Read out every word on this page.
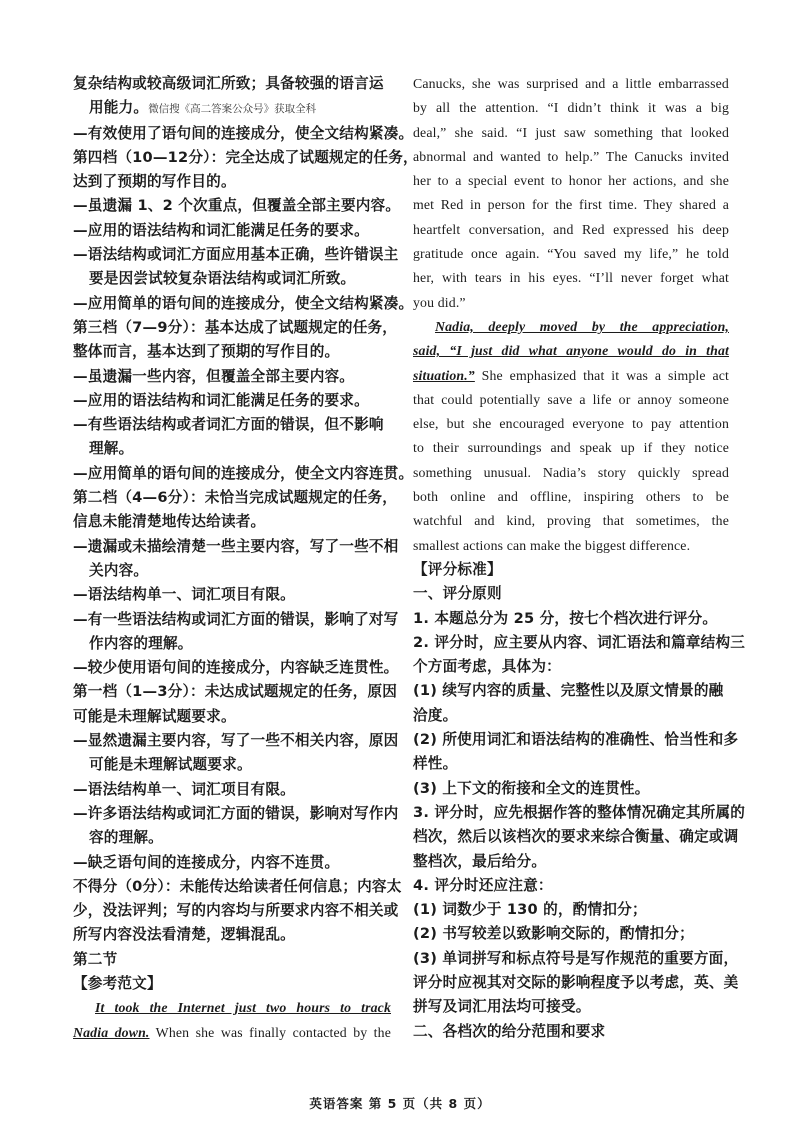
复杂结构或较高级词汇所致；具备较强的语言运
用能力。微信搜《高二答案公众号》获取全科
—有效使用了语句间的连接成分，使全文结构紧凑。
第四档（10—12分）：完全达成了试题规定的任务，
达到了预期的写作目的。
—虽遗漏 1、2 个次重点，但覆盖全部主要内容。
—应用的语法结构和词汇能满足任务的要求。
—语法结构或词汇方面应用基本正确，些许错误主
要是因尝试较复杂语法结构或词汇所致。
—应用简单的语句间的连接成分，使全文结构紧凑。
第三档（7—9分）：基本达成了试题规定的任务，
整体而言，基本达到了预期的写作目的。
—虽遗漏一些内容，但覆盖全部主要内容。
—应用的语法结构和词汇能满足任务的要求。
—有些语法结构或者词汇方面的错误，但不影响
理解。
—应用简单的语句间的连接成分，使全文内容连贯。
第二档（4—6分）：未恰当完成试题规定的任务，
信息未能清楚地传达给读者。
—遗漏或未描绘清楚一些主要内容，写了一些不相
关内容。
—语法结构单一、词汇项目有限。
—有一些语法结构或词汇方面的错误，影响了对写
作内容的理解。
—较少使用语句间的连接成分，内容缺乏连贯性。
第一档（1—3分）：未达成试题规定的任务，原因
可能是未理解试题要求。
—显然遗漏主要内容，写了一些不相关内容，原因
可能是未理解试题要求。
—语法结构单一、词汇项目有限。
—许多语法结构或词汇方面的错误，影响对写作内
容的理解。
—缺乏语句间的连接成分，内容不连贯。
不得分（0分）：未能传达给读者任何信息；内容太
少，没法评判；写的内容均与所要求内容不相关或
所写内容没法看清楚，逻辑混乱。
第二节
【参考范文】
It took the Internet just two hours to track
Nadia down. When she was finally contacted by the
Canucks, she was surprised and a little embarrassed
by all the attention. “I didn’t think it was a big
deal,” she said. “I just saw something that looked
abnormal and wanted to help.” The Canucks invited
her to a special event to honor her actions, and she
met Red in person for the first time. They shared a
heartfelt conversation, and Red expressed his deep
gratitude once again. “You saved my life,” he told
her, with tears in his eyes. “I’ll never forget what
you did.”
Nadia, deeply moved by the appreciation,
said, “I just did what anyone would do in that
situation.” She emphasized that it was a simple act
that could potentially save a life or annoy someone
else, but she encouraged everyone to pay attention
to their surroundings and speak up if they notice
something unusual. Nadia’s story quickly spread
both online and offline, inspiring others to be
watchful and kind, proving that sometimes, the
smallest actions can make the biggest difference.
【评分标准】
一、评分原则
1. 本题总分为 25 分，按七个档次进行评分。
2. 评分时，应主要从内容、词汇语法和篇章结构三
个方面考虑，具体为：
(1) 续写内容的质量、完整性以及原文情景的融
洽度。
(2) 所使用词汇和语法结构的准确性、恰当性和多
样性。
(3) 上下文的衔接和全文的连贯性。
3. 评分时，应先根据作答的整体情况确定其所属的
档次，然后以该档次的要求来综合衡量、确定或调
整档次，最后给分。
4. 评分时还应注意：
(1) 词数少于 130 的，酌情扣分；
(2) 书写较差以致影响交际的，酌情扣分；
(3) 单词拼写和标点符号是写作规范的重要方面，
评分时应视其对交际的影响程度予以考虑，英、美
拼写及词汇用法均可接受。
二、各档次的给分范围和要求
英语答案 第 5 页（共 8 页）
